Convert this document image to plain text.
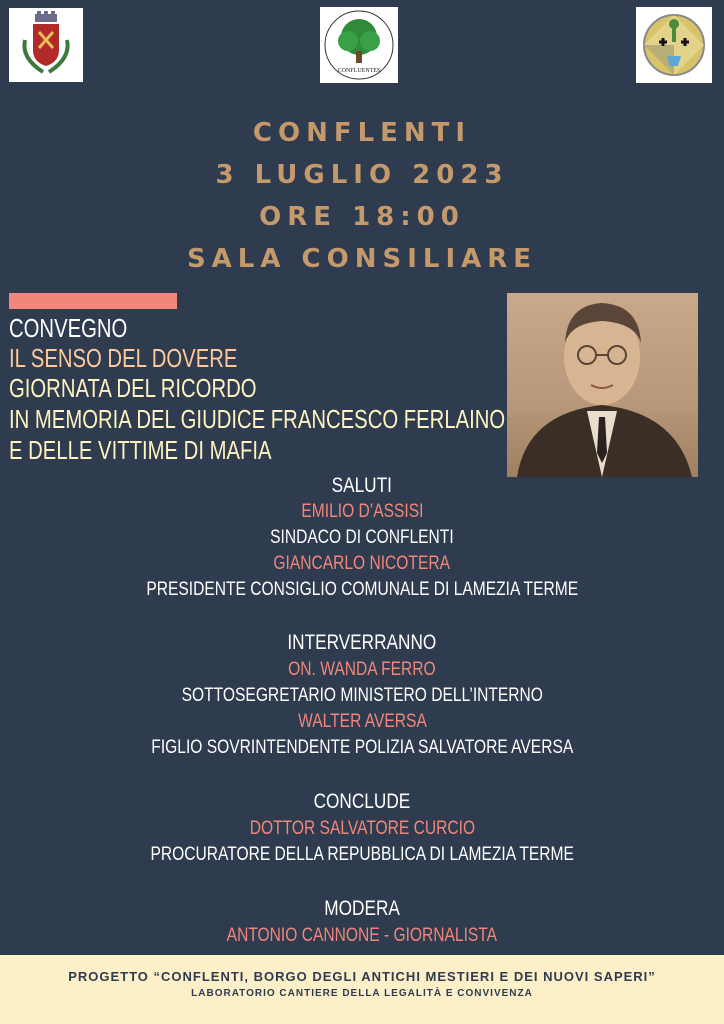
CONFLUENTES
CONFLENTI
3 LUGLIO 2023
ORE 18:00
SALA CONSILIARE
CONVEGNO
IL SENSO DEL DOVERE
GIORNATA DEL RICORDO
IN MEMORIA DEL GIUDICE FRANCESCO FERLAINO
E DELLE VITTIME DI MAFIA
SALUTI
EMILIO D’ASSISI
SINDACO DI CONFLENTI
GIANCARLO NICOTERA
PRESIDENTE CONSIGLIO COMUNALE DI LAMEZIA TERME
INTERVERRANNO
ON. WANDA FERRO
SOTTOSEGRETARIO MINISTERO DELL’INTERNO
WALTER AVERSA
FIGLIO SOVRINTENDENTE POLIZIA SALVATORE AVERSA
CONCLUDE
DOTTOR SALVATORE CURCIO
PROCURATORE DELLA REPUBBLICA DI LAMEZIA TERME
MODERA
ANTONIO CANNONE - GIORNALISTA
PROGETTO “CONFLENTI, BORGO DEGLI ANTICHI MESTIERI E DEI NUOVI SAPERI”
LABORATORIO CANTIERE DELLA LEGALITÀ E CONVIVENZA
